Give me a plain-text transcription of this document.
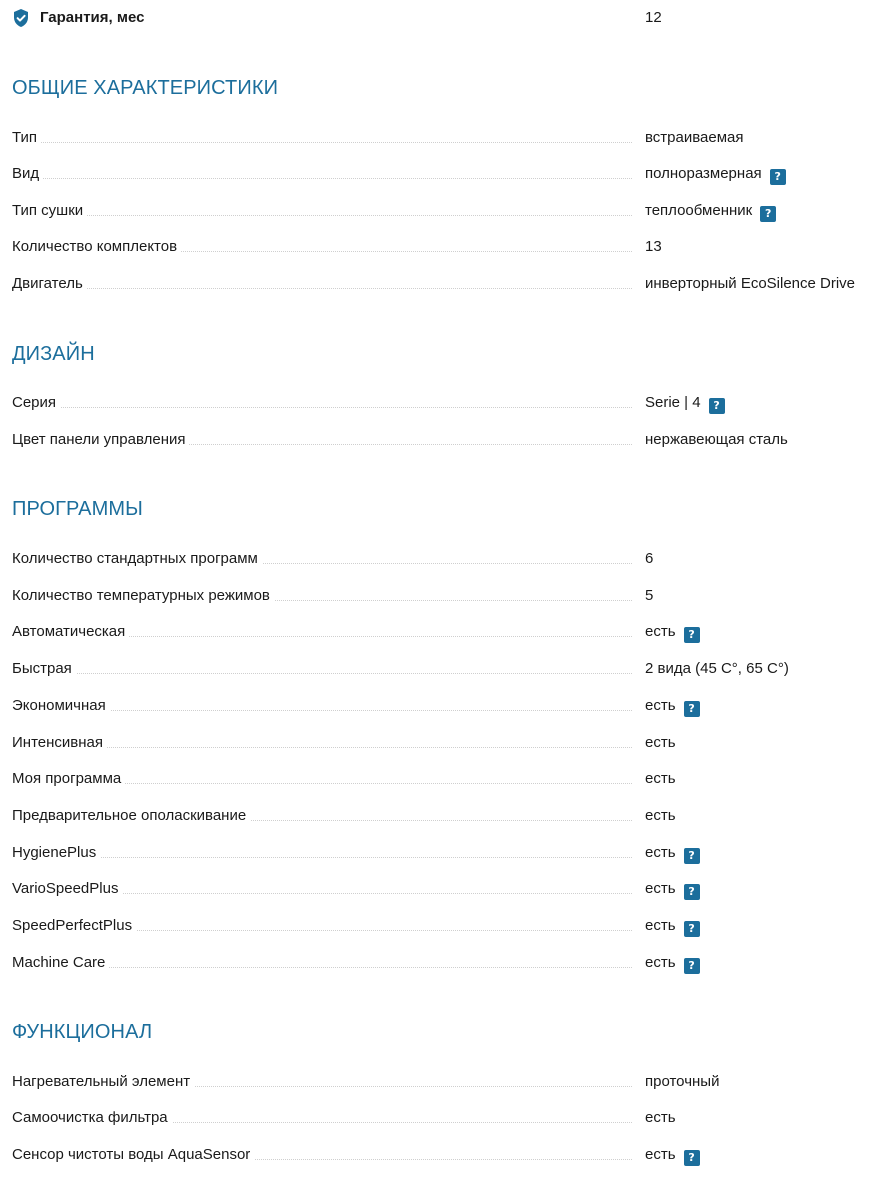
Гарантия, мес	12
ОБЩИЕ ХАРАКТЕРИСТИКИ
Тип	встраиваемая
Вид	полноразмерная ?
Тип сушки	теплообменник ?
Количество комплектов	13
Двигатель	инверторный EcoSilence Drive
ДИЗАЙН
Серия	Serie | 4 ?
Цвет панели управления	нержавеющая сталь
ПРОГРАММЫ
Количество стандартных программ	6
Количество температурных режимов	5
Автоматическая	есть ?
Быстрая	2 вида (45 С°, 65 С°)
Экономичная	есть ?
Интенсивная	есть
Моя программа	есть
Предварительное ополаскивание	есть
HygienePlus	есть ?
VarioSpeedPlus	есть ?
SpeedPerfectPlus	есть ?
Machine Care	есть ?
ФУНКЦИОНАЛ
Нагревательный элемент	проточный
Самоочистка фильтра	есть
Сенсор чистоты воды AquaSensor	есть ?
